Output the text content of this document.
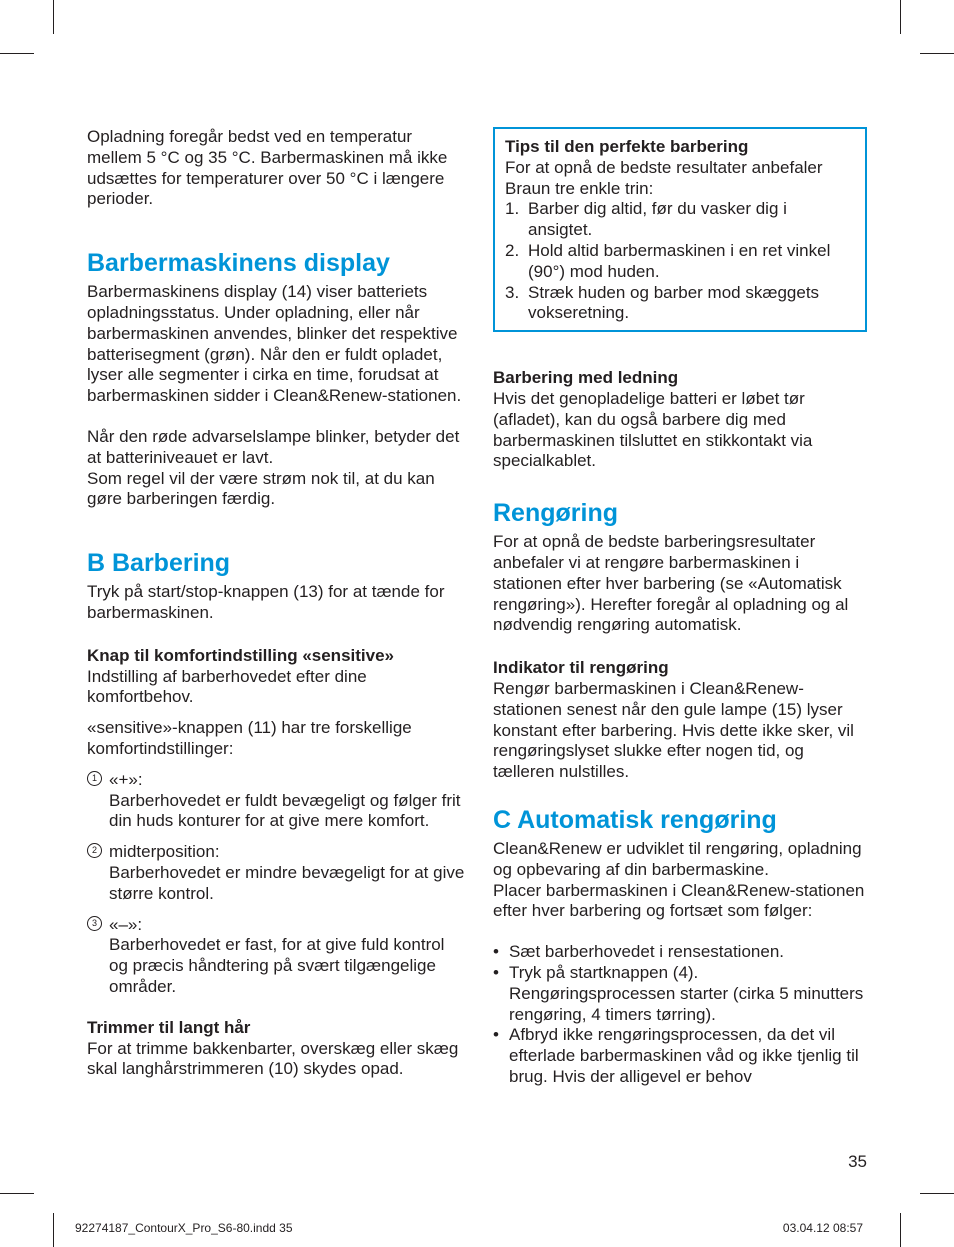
Opladning foregår bedst ved en temperatur mellem 5 °C og 35 °C. Barbermaskinen må ikke udsættes for temperaturer over 50 °C i længere perioder.

Barbermaskinens display

Barbermaskinens display (14) viser batteriets opladningsstatus. Under opladning, eller når barbermaskinen anvendes, blinker det respektive batterisegment (grøn). Når den er fuldt opladet, lyser alle segmenter i cirka en time, forudsat at barbermaskinen sidder i Clean&Renew-stationen.

Når den røde advarselslampe blinker, betyder det at batteriniveauet er lavt.

Som regel vil der være strøm nok til, at du kan gøre barberingen færdig.

B Barbering

Tryk på start/stop-knappen (13) for at tænde for barbermaskinen.

Knap til komfortindstilling «sensitive»

Indstilling af barberhovedet efter dine komfortbehov.

«sensitive»-knappen (11) har tre forskellige komfortindstillinger:

1 «+»:

Barberhovedet er fuldt bevægeligt og følger frit din huds konturer for at give mere komfort.

2 midterposition:

Barberhovedet er mindre bevægeligt for at give større kontrol.

3 «–»:

Barberhovedet er fast, for at give fuld kontrol og præcis håndtering på svært tilgængelige områder.

Trimmer til langt hår

For at trimme bakkenbarter, overskæg eller skæg skal langhårstrimmeren (10) skydes opad.

Tips til den perfekte barbering

For at opnå de bedste resultater anbefaler Braun tre enkle trin:

1. Barber dig altid, før du vasker dig i ansigtet.
2. Hold altid barbermaskinen i en ret vinkel (90°) mod huden.
3. Stræk huden og barber mod skæggets vokseretning.

Barbering med ledning

Hvis det genopladelige batteri er løbet tør (afladet), kan du også barbere dig med barbermaskinen tilsluttet en stikkontakt via specialkablet.

Rengøring

For at opnå de bedste barberingsresultater anbefaler vi at rengøre barbermaskinen i stationen efter hver barbering (se «Automatisk rengøring»). Herefter foregår al opladning og al nødvendig rengøring automatisk.

Indikator til rengøring

Rengør barbermaskinen i Clean&Renew-stationen senest når den gule lampe (15) lyser konstant efter barbering. Hvis dette ikke sker, vil rengøringslyset slukke efter nogen tid, og tælleren nulstilles.

C Automatisk rengøring

Clean&Renew er udviklet til rengøring, opladning og opbevaring af din barbermaskine.

Placer barbermaskinen i Clean&Renew-stationen efter hver barbering og fortsæt som følger:

• Sæt barberhovedet i rensestationen.
• Tryk på startknappen (4). Rengøringsprocessen starter (cirka 5 minutters rengøring, 4 timers tørring).
• Afbryd ikke rengøringsprocessen, da det vil efterlade barbermaskinen våd og ikke tjenlig til brug. Hvis der alligevel er behov
35
92274187_ContourX_Pro_S6-80.indd 35	03.04.12 08:57
